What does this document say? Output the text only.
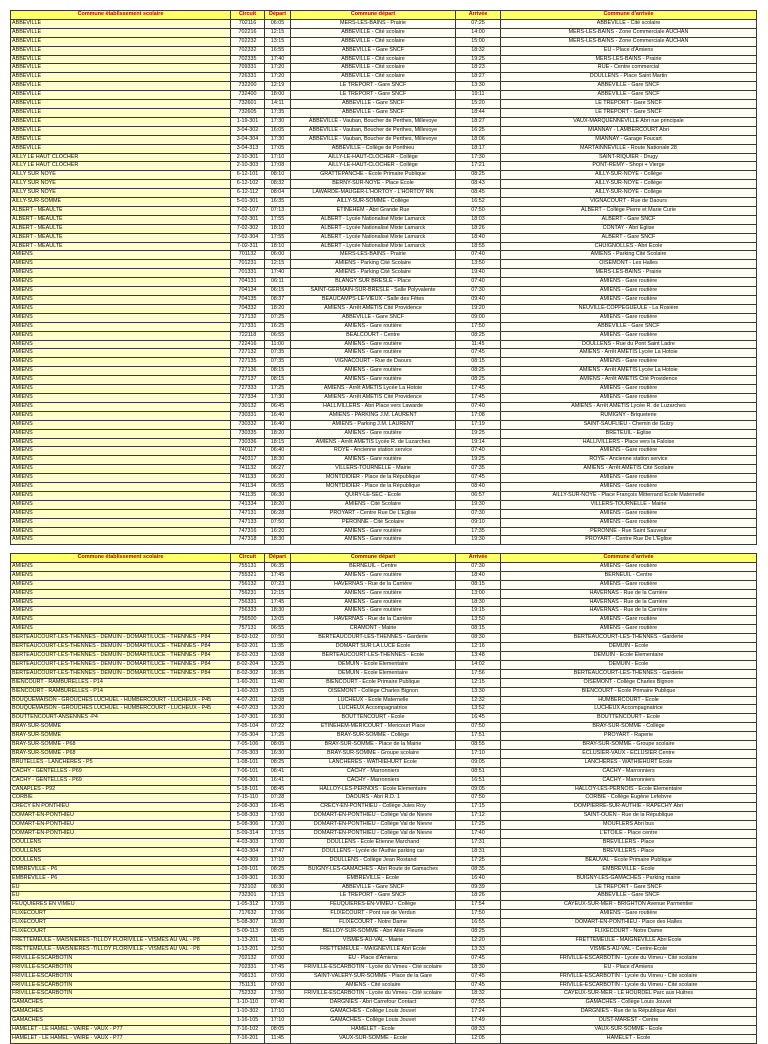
Commune établissement scolaire	Circuit	Départ	Commune départ	Arrivée	Commune d'arrivée
ABBEVILLE	702116	06:05	MERS-LES-BAINS - Prairie	07:25	ABBEVILLE - Cité scolaire
ABBEVILLE	702216	12:15	ABBEVILLE - Cité scolaire	14:00	MERS-LES-BAINS - Zone Commerciale AUCHAN
ABBEVILLE	702232	13:15	ABBEVILLE - Cité scolaire	15:00	MERS-LES-BAINS - Zone Commerciale AUCHAN
ABBEVILLE	702332	16:55	ABBEVILLE - Gare SNCF	18:32	EU - Place d'Amiens
ABBEVILLE	702335	17:40	ABBEVILLE - Cité scolaire	19:25	MERS-LES-BAINS - Prairie
ABBEVILLE	709331	17:20	ABBEVILLE - Cité scolaire	18:23	RUE - Centre commercial
ABBEVILLE	726331	17:20	ABBEVILLE - Cité scolaire	18:27	DOULLENS - Place Saint Martin
ABBEVILLE	732200	12:19	LE TREPORT - Gare SNCF	13:30	ABBEVILLE - Gare SNCF
ABBEVILLE	732400	18:00	LE TREPORT - Gare SNCF	19:11	ABBEVILLE - Gare SNCF
ABBEVILLE	732601	14:11	ABBEVILLE - Gare SNCF	15:20	LE TREPORT - Gare SNCF
ABBEVILLE	732605	17:35	ABBEVILLE - Gare SNCF	18:44	LE TREPORT - Gare SNCF
ABBEVILLE	1-19-301	17:30	ABBEVILLE - Vauban, Boucher de Perthes, Millevoye	18:27	VAUX-MARQUENNEVILLE Abri rue principale
ABBEVILLE	3-04-302	16:05	ABBEVILLE - Vauban, Boucher de Perthes, Millevoye	16:25	MIANNAY - LAMBERCOURT Abri
ABBEVILLE	3-04-304	17:30	ABBEVILLE - Vauban, Boucher de Perthes, Millevoye	18:06	MIANNAY - Garage Foucart
ABBEVILLE	3-04-313	17:05	ABBEVILLE - Collège de Ponthieu	18:17	MARTAINNEVILLE - Route Nationale 28
AILLY LE HAUT CLOCHER	2-10-301	17:10	AILLY-LE-HAUT-CLOCHER - Collège	17:30	SAINT-RIQUIER - Drugy
AILLY LE HAUT CLOCHER	2-10-303	17:08	AILLY-LE-HAUT-CLOCHER - Collège	17:21	PONT-REMY - Shopi + Vierge
AILLY SUR NOYE	6-12-101	08:10	GRATTEPANCHE - Ecole Primaire Publique	08:25	AILLY-SUR-NOYE - Collège
AILLY SUR NOYE	6-12-102	08:32	BERNY-SUR-NOYE - Place Ecole	08:43	AILLY-SUR-NOYE - Collège
AILLY SUR NOYE	6-12-112	08:04	LAWARDE-MAUGER-L'HORTOY - L'HORTOY RN	08:45	AILLY-SUR-NOYE - Collège
AILLY-SUR-SOMME	5-01-301	16:35	AILLY-SUR-SOMME - Collège	16:52	VIGNACOURT - Rue de Daours
ALBERT - MEAULTE	7-02-107	07:13	ETINEHEM - Abri Grande Rue	07:50	ALBERT - Collège Pierre et Marie Curie
ALBERT - MEAULTE	7-02-301	17:55	ALBERT - Lycée Nationalisé Mixte Lamarck	18:03	ALBERT - Gare SNCF
ALBERT - MEAULTE	7-02-302	18:10	ALBERT - Lycée Nationalisé Mixte Lamarck	18:26	CONTAY - Abri Eglise
ALBERT - MEAULTE	7-02-304	17:55	ALBERT - Lycée Nationalisé Mixte Lamarck	18:40	ALBERT - Gare SNCF
ALBERT - MEAULTE	7-02-311	18:10	ALBERT - Lycée Nationalisé Mixte Lamarck	18:55	CHUIGNOLLES - Abri Ecole
AMIENS	701132	06:00	MERS-LES-BAINS - Prairie	07:40	AMIENS - Parking Cité Scolaire
AMIENS	701231	12:15	AMIENS - Parking Cité Scolaire	13:50	OISEMONT - Les Halles
AMIENS	701331	17:40	AMIENS - Parking Cité Scolaire	19:40	MERS-LES-BAINS - Prairie
AMIENS	704131	06:11	BLANGY SUR BRESLE - Place	07:40	AMIENS - Gare routière
AMIENS	704134	06:15	SAINT-GERMAIN-SUR-BRESLE - Salle Polyvalente	07:30	AMIENS - Gare routière
AMIENS	704135	08:37	BEAUCAMPS-LE-VIEUX - Salle des Fêtes	09:40	AMIENS - Gare routière
AMIENS	704332	18:20	AMIENS - Arrêt AMETIS Cité Providence	19:20	NEUVILLE-COPPEGUEULE - La Rosière
AMIENS	717132	07:25	ABBEVILLE - Gare SNCF	09:00	AMIENS - Gare routière
AMIENS	717331	16:25	AMIENS - Gare routière	17:50	ABBEVILLE - Gare SNCF
AMIENS	722118	06:55	BEALCOURT - Centre	08:25	AMIENS - Gare routière
AMIENS	722416	11:00	AMIENS - Gare routière	11:45	DOULLENS - Rue du Pont Saint Ladre
AMIENS	727132	07:35	AMIENS - Gare routière	07:45	AMIENS - Arrêt AMETIS Lycée La Hotoie
AMIENS	727135	07:35	VIGNACOURT - Rue de Daours	08:15	AMIENS - Gare routière
AMIENS	727136	08:15	AMIENS - Gare routière	08:25	AMIENS - Arrêt AMETIS Lycée La Hotoie
AMIENS	727137	08:15	AMIENS - Gare routière	08:25	AMIENS - Arrêt AMETIS Cité Providence
AMIENS	727333	17:25	AMIENS - Arrêt AMETIS Lycée La Hotoie	17:45	AMIENS - Gare routière
AMIENS	727334	17:30	AMIENS - Arrêt AMETIS Cité Providence	17:45	AMIENS - Gare routière
AMIENS	730132	06:45	HALLIVILLERS - Abri Place vers Lawarde	07:40	AMIENS - Arrêt AMETIS Lycée R. de Luzarches
AMIENS	730331	16:40	AMIENS - PARKING J.M. LAURENT	17:08	RUMIGNY - Briqueterie
AMIENS	730332	16:40	AMIENS - Parking J.M. LAURENT	17:19	SAINT-SAUFLIEU - Chemin de Guizy
AMIENS	730335	18:20	AMIENS - Gare routière	19:25	BRETEUIL - Eglise
AMIENS	730336	18:15	AMIENS - Arrêt AMETIS Lycée R. de Luzarches	19:14	HALLIVILLERS - Place vers la Faloise
AMIENS	740117	06:40	ROYE - Ancienne station service	07:40	AMIENS - Gare routière
AMIENS	740317	18:30	AMIENS - Gare routière	19:25	ROYE - Ancienne station service
AMIENS	741132	06:27	VILLERS-TOURNELLE - Mairie	07:35	AMIENS - Arrêt AMETIS Cité Scolaire
AMIENS	741133	06:20	MONTDIDIER - Place de la République	07:45	AMIENS - Gare routière
AMIENS	741134	06:55	MONTDIDIER - Place de la République	08:40	AMIENS - Gare routière
AMIENS	741135	06:30	QUIRY-LE-SEC - Ecole	06:57	AILLY-SUR-NOYE - Place François Mitterrand Ecole Maternelle
AMIENS	741334	18:20	AMIENS - Cité Scolaire	19:30	VILLERS-TOURNELLE - Mairie
AMIENS	747131	06:28	PROYART - Centre Rue De L'Eglise	07:30	AMIENS - Gare routière
AMIENS	747133	07:50	PERONNE - Cité Scolaire	09:10	AMIENS - Gare routière
AMIENS	747316	16:20	AMIENS - Gare routière	17:35	PERONNE - Rue Saint Sauveur
AMIENS	747318	18:30	AMIENS - Gare routière	19:30	PROYART - Centre Rue De L'Eglise
Commune établissement scolaire	Circuit	Départ	Commune départ	Arrivée	Commune d'arrivée
AMIENS	755131	06:35	BERNEUIL - Centre	07:30	AMIENS - Gare routière
AMIENS	755321	17:45	AMIENS - Gare routière	18:40	BERNEUIL - Centre
AMIENS	756132	07:23	HAVERNAS - Rue de la Carrière	08:15	AMIENS - Gare routière
AMIENS	756231	12:15	AMIENS - Gare routière	13:00	HAVERNAS - Rue de la Carrière
AMIENS	756331	17:45	AMIENS - Gare routière	18:30	HAVERNAS - Rue de la Carrière
AMIENS	756333	18:30	AMIENS - Gare routière	19:15	HAVERNAS - Rue de la Carrière
AMIENS	756500	13:05	HAVERNAS - Rue de la Carrière	13:50	AMIENS - Gare routière
AMIENS	757131	06:55	CRAMONT - Mairie	08:15	AMIENS - Gare routière
BERTEAUCOURT-LES-THENNES - DEMUIN - DOMART/LUCE - THENNES - P84	8-02-102	07:50	BERTEAUCOURT-LES-THENNES - Garderie	08:30	BERTEAUCOURT-LES-THENNES - Garderie
BERTEAUCOURT-LES-THENNES - DEMUIN - DOMART/LUCE - THENNES - P84	8-02-201	11:35	DOMART SUR LA LUCE Ecole	12:16	DEMUIN - Ecole
BERTEAUCOURT-LES-THENNES - DEMUIN - DOMART/LUCE - THENNES - P84	8-02-203	13:08	BERTEAUCOURT-LES-THENNES - Ecole	13:48	DEMUIN - Ecole Elementaire
BERTEAUCOURT-LES-THENNES - DEMUIN - DOMART/LUCE - THENNES - P84	8-02-204	13:25	DEMUIN - Ecole Elementaire	14:02	DEMUIN - Ecole
BERTEAUCOURT-LES-THENNES - DEMUIN - DOMART/LUCE - THENNES - P84	8-02-302	16:35	DEMUIN - Ecole Elementaire	17:56	BERTEAUCOURT-LES-THENNES - Garderie
BIENCOURT - RAMBURELLES - P14	1-60-201	11:40	BIENCOURT - Ecole Primaire Publique	12:15	OISEMONT - Collège Charles Bignon
BIENCOURT - RAMBURELLES - P14	1-60-203	13:05	OISEMONT - Collège Charles Bignon	13:30	BIENCOURT - Ecole Primaire Publique
BOUQUEMAISON - GROUCHES LUCHUEL - HUMBERCOURT - LUCHEUX - P45	4-07-201	12:08	LUCHEUX - Ecole Maternelle	12:32	HUMBERCOURT - Ecole
BOUQUEMAISON - GROUCHES LUCHUEL - HUMBERCOURT - LUCHEUX - P45	4-07-203	13:20	LUCHEUX Accompagnatrice	13:52	LUCHEUX Accompagnatrice
BOUTTENCOURT-ANSENNES -P4	1-07-301	16:30	BOUTTENCOURT - Ecole	16:45	BOUTTENCOURT - Ecole
BRAY-SUR-SOMME	7-05-104	07:22	ETINEHEM-MERICOURT - Mericourt Place	07:50	BRAY-SUR-SOMME - Collège
BRAY-SUR-SOMME	7-05-304	17:25	BRAY-SUR-SOMME - Collège	17:51	PROYART - Raperie
BRAY-SUR-SOMME - P68	7-05-106	08:05	BRAY-SUR-SOMME - Place de la Mairie	08:55	BRAY-SUR-SOMME - Groupe scolaire
BRAY-SUR-SOMME - P68	7-05-303	16:30	BRAY-SUR-SOMME - Groupe scolaire	17:10	ECLUSIER-VAUX - ECLUSIER Centre
BRUTELLES - LANCHERES - P5	1-08-101	08:25	LANCHERES - WATHIEHURT Ecole	09:05	LANCHERES - WATHIEHURT Ecole
CACHY - GENTELLES - P69	7-06-101	08:41	CACHY - Marronniers	08:51	CACHY - Marronniers
CACHY - GENTELLES - P69	7-06-301	16:41	CACHY - Marronniers	16:51	CACHY - Marronniers
CANAPLES - P92	5-18-101	08:45	HALLOY-LES-PERNOIS - Ecole Elementaire	09:05	HALLOY-LES-PERNOIS - Ecole Elementaire
CORBIE	7-15-110	07:28	DAOURS - Abri R.D. 1	07:50	CORBIE - Collège Eugène Lefebvre
CRECY EN PONTHIEU	2-08-303	16:45	CRECY-EN-PONTHIEU - Collège Jules Roy	17:15	DOMPIERRE-SUR-AUTHIE - RAPECHY Abri
DOMART-EN-PONTHIEU	5-08-303	17:00	DOMART-EN-PONTHIEU - Collège Val de Nievre	17:12	SAINT-OUEN - Rue de la République
DOMART-EN-PONTHIEU	5-08-306	17:20	DOMART-EN-PONTHIEU - Collège Val de Nievre	17:25	MOUFLERS Abri bus
DOMART-EN-PONTHIEU	5-09-314	17:15	DOMART-EN-PONTHIEU - Collège Val de Nievre	17:40	L'ETOILE - Place centre
DOULLENS	4-03-303	17:00	DOULLENS - Ecole Etienne Marchand	17:31	BREVILLERS - Place
DOULLENS	4-03-304	17:47	DOULLENS - Lycée de l'Authie parking car	18:31	BREVILLERS - Place
DOULLENS	4-03-309	17:10	DOULLENS - Collège Jean Rostand	17:25	BEAUVAL - Ecole Primaire Publique
EMBREVILLE - P6	1-09-101	08:25	BUIGNY-LES-GAMACHES - Abri Route de Gamaches	08:35	EMBREVILLE - Ecole
EMBREVILLE - P6	1-09-301	16:30	EMBREVILLE - Ecole	16:40	BUIGNY-LES-GAMACHES - Parking mairie
EU	732102	08:30	ABBEVILLE - Gare SNCF	09:39	LE TREPORT - Gare SNCF
EU	732301	17:15	LE TREPORT - Gare SNCF	18:26	ABBEVILLE - Gare SNCF
FEUQUIERES EN VIMEU	1-05-312	17:05	FEUQUIERES-EN-VIMEU - Collège	17:54	CAYEUX-SUR-MER - BRIGHTON Avenue Parmentier
FLIXECOURT	717632	17:06	FLIXECOURT - Pont rue de Verdun	17:50	AMIENS - Gare routière
FLIXECOURT	5-08-307	16:30	FLIXECOURT - Notre Dame	16:55	DOMART-EN-PONTHIEU - Place des Halles
FLIXECOURT	5-09-113	08:05	BELLOY-SUR-SOMME - Abri Allée Fleurie	08:25	FLIXECOURT - Notre Dame
FRETTEMEULE - MAISNIERES -TILLOY FLORIVILLE - VISMES AU VAL - P8	1-13-201	11:40	VISMES-AU-VAL - Mairie	12:20	FRETTEMEULE - MAIGNEVILLE Abri Ecole
FRETTEMEULE - MAISNIERES -TILLOY FLORIVILLE - VISMES AU VAL - P8	1-13-201	12:50	FRETTEMEULE - MAIGNEVILLE Abri Ecole	13:33	VISMES-AU-VAL - Centre-Ecole
FRIVILLE-ESCARBOTIN	702132	07:00	EU - Place d'Amiens	07:45	FRIVILLE-ESCARBOTIN - Lycée du Vimeu - Cité scolaire
FRIVILLE-ESCARBOTIN	702331	17:45	FRIVILLE-ESCARBOTIN - Lycée du Vimeu - Cité scolaire	18:30	EU - Place d'Amiens
FRIVILLE-ESCARBOTIN	708131	07:00	SAINT-VALERY-SUR-SOMME - Place de la Gare	07:45	FRIVILLE-ESCARBOTIN - Lycée du Vimeu - Cité scolaire
FRIVILLE-ESCARBOTIN	751131	07:00	AMIENS - Cité scolaire	07:45	FRIVILLE-ESCARBOTIN - Lycée du Vimeu - Cité scolaire
FRIVILLE-ESCARBOTIN	752332	17:50	FRIVILLE-ESCARBOTIN - Lycée du Vimeu - Cité scolaire	18:32	CAYEUX-SUR-MER - LE HOURDEL Parc aux Huitres
GAMACHES	1-10-110	07:40	DARGNIES - Abri Carrefour Contact	07:55	GAMACHES - Collège Louis Jouvet
GAMACHES	1-10-302	17:10	GAMACHES - Collège Louis Jouvet	17:24	DARGNIES - Rue de la République Abri
GAMACHES	1-16-105	17:10	GAMACHES - Collège Louis Jouvet	17:49	OUST-MAREST - Centre
HAMELET - LE HAMEL - VAIRE - VAUX - P77	7-16-102	08:05	HAMELET - Ecole	08:33	VAUX-SUR-SOMME - Ecole
HAMELET - LE HAMEL - VAIRE - VAUX - P77	7-16-201	11:45	VAUX-SUR-SOMME - Ecole	12:05	HAMELET - Ecole
